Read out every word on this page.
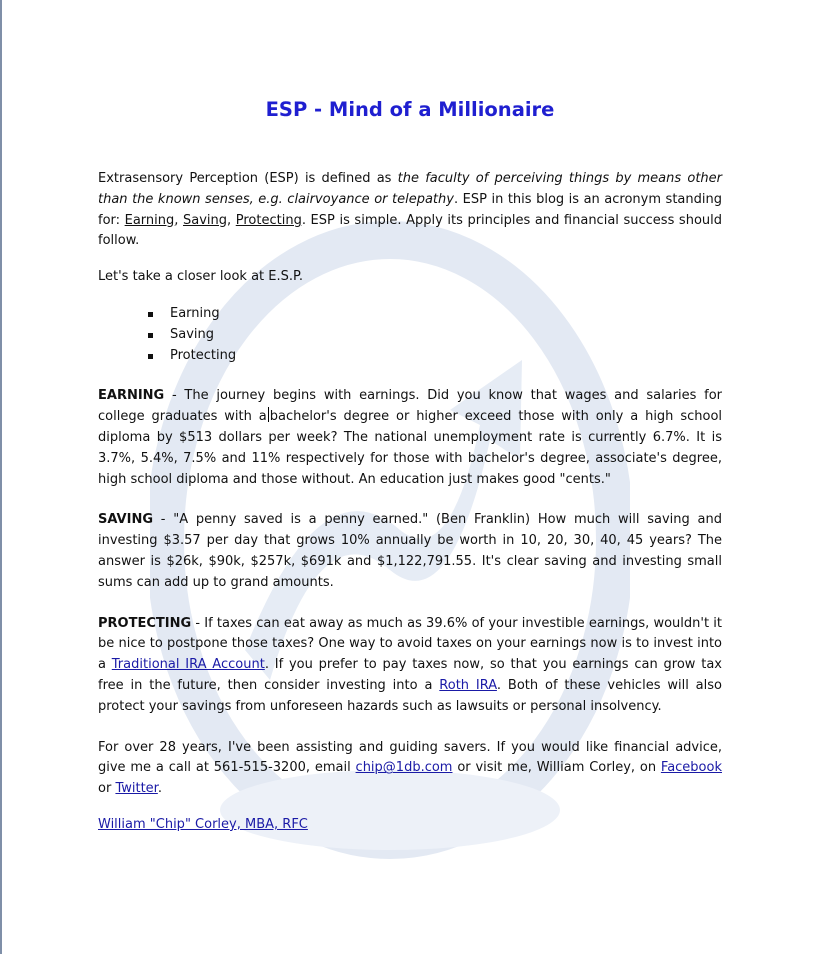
ESP - Mind of a Millionaire

Extrasensory Perception (ESP) is defined as the faculty of perceiving things by means other than the known senses, e.g. clairvoyance or telepathy. ESP in this blog is an acronym standing for: Earning, Saving, Protecting. ESP is simple. Apply its principles and financial success should follow.

Let's take a closer look at E.S.P.

Earning
Saving
Protecting

EARNING - The journey begins with earnings. Did you know that wages and salaries for college graduates with a bachelor's degree or higher exceed those with only a high school diploma by $513 dollars per week? The national unemployment rate is currently 6.7%. It is 3.7%, 5.4%, 7.5% and 11% respectively for those with bachelor's degree, associate's degree, high school diploma and those without. An education just makes good "cents."

SAVING - "A penny saved is a penny earned." (Ben Franklin) How much will saving and investing $3.57 per day that grows 10% annually be worth in 10, 20, 30, 40, 45 years? The answer is $26k, $90k, $257k, $691k and $1,122,791.55. It's clear saving and investing small sums can add up to grand amounts.

PROTECTING - If taxes can eat away as much as 39.6% of your investible earnings, wouldn't it be nice to postpone those taxes? One way to avoid taxes on your earnings now is to invest into a Traditional IRA Account. If you prefer to pay taxes now, so that you earnings can grow tax free in the future, then consider investing into a Roth IRA. Both of these vehicles will also protect your savings from unforeseen hazards such as lawsuits or personal insolvency.

For over 28 years, I've been assisting and guiding savers. If you would like financial advice, give me a call at 561-515-3200, email chip@1db.com or visit me, William Corley, on Facebook or Twitter.

William "Chip" Corley, MBA, RFC
